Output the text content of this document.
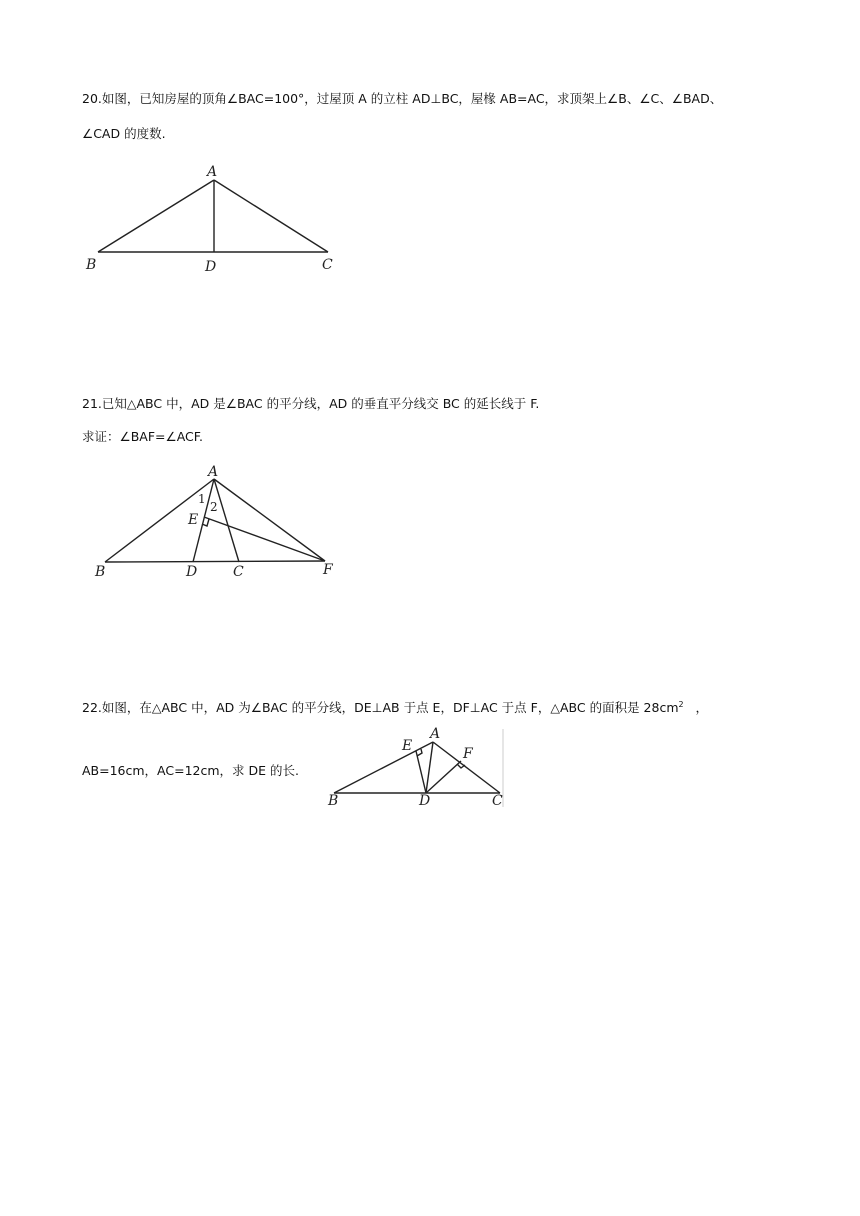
20.如图，已知房屋的顶角∠BAC=100°，过屋顶 A 的立柱 AD⊥BC，屋椽 AB=AC，求顶架上∠B、∠C、∠BAD、
∠CAD 的度数.
A
B	D	C
21.已知△ABC 中，AD 是∠BAC 的平分线，AD 的垂直平分线交 BC 的延长线于 F.
求证：∠BAF=∠ACF.
A
B	D	C	F
E
1
2
22.如图，在△ABC 中，AD 为∠BAC 的平分线，DE⊥AB 于点 E，DF⊥AC 于点 F，△ABC 的面积是 $28cm^2$   ，
AB=16cm，AC=12cm，求 DE 的长.
A
E	F
B	D	C
